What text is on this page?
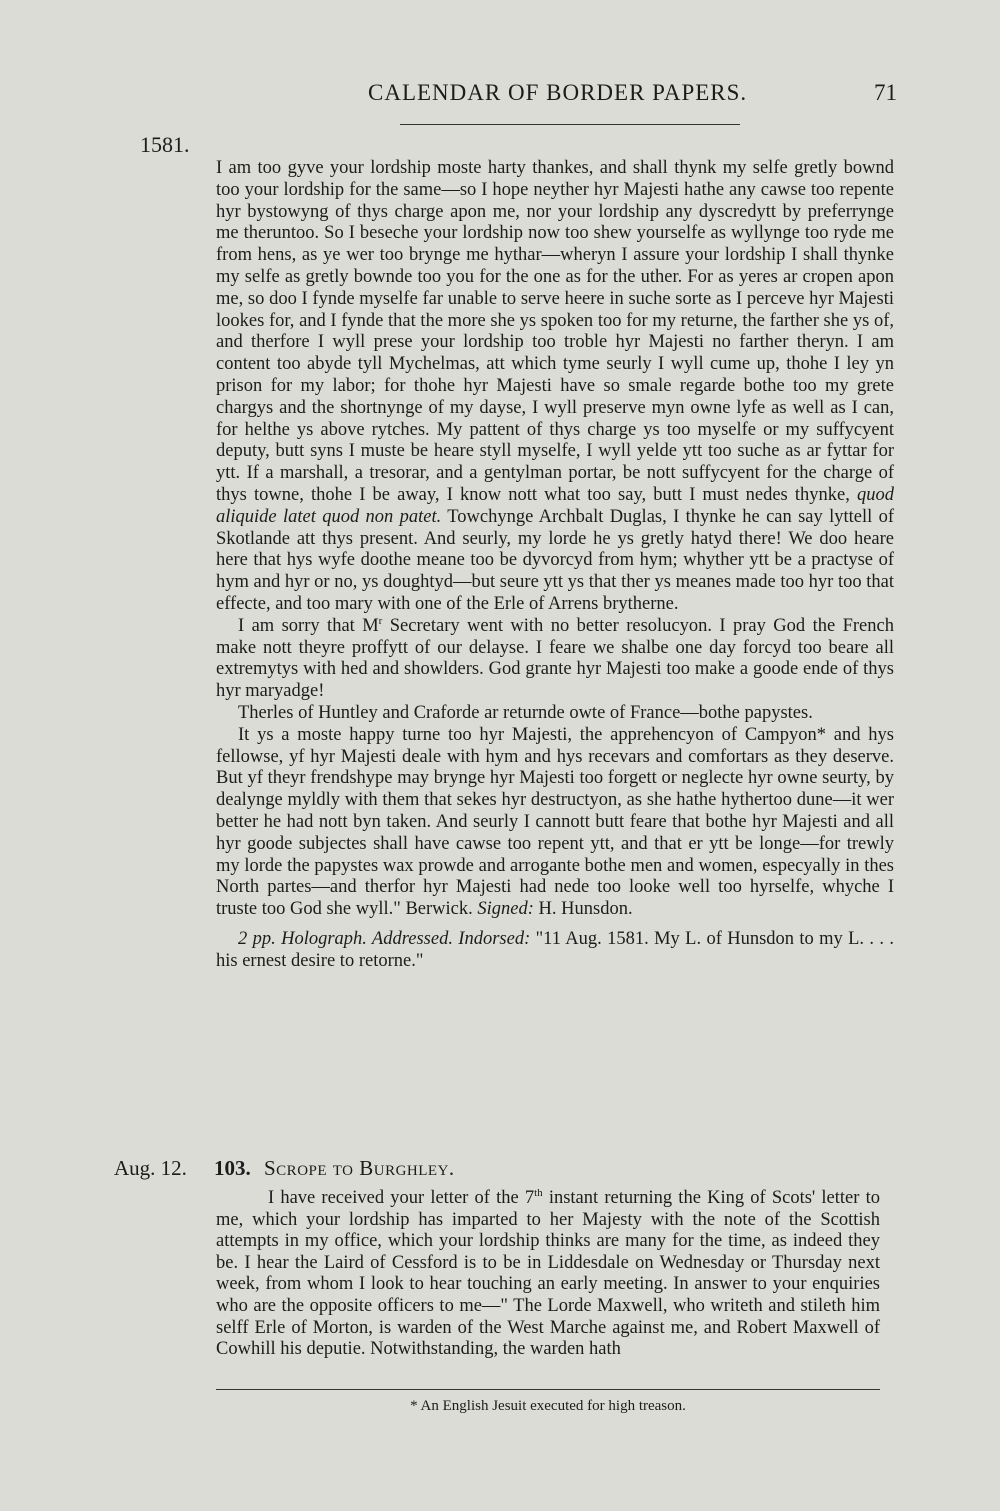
CALENDAR OF BORDER PAPERS.	71
1581.

I am too gyve your lordship moste harty thankes, and shall thynk my selfe gretly bownd too your lordship for the same—so I hope neyther hyr Majesti hathe any cawse too repente hyr bystowyng of thys charge apon me, nor your lordship any dyscredytt by preferrynge me theruntoo. So I beseche your lordship now too shew yourselfe as wyllynge too ryde me from hens, as ye wer too brynge me hythar—wheryn I assure your lordship I shall thynke my selfe as gretly bownde too you for the one as for the uther. For as yeres ar cropen apon me, so doo I fynde myselfe far unable to serve heere in suche sorte as I perceve hyr Majesti lookes for, and I fynde that the more she ys spoken too for my returne, the farther she ys of, and therfore I wyll prese your lordship too troble hyr Majesti no farther theryn. I am content too abyde tyll Mychelmas, att which tyme seurly I wyll cume up, thohe I ley yn prison for my labor; for thohe hyr Majesti have so smale regarde bothe too my grete chargys and the shortnynge of my dayse, I wyll preserve myn owne lyfe as well as I can, for helthe ys above rytches. My pattent of thys charge ys too myselfe or my suffycyent deputy, butt syns I muste be heare styll myselfe, I wyll yelde ytt too suche as ar fyttar for ytt. If a marshall, a tresorar, and a gentylman portar, be nott suffycyent for the charge of thys towne, thohe I be away, I know nott what too say, butt I must nedes thynke, quod aliquide latet quod non patet. Towchynge Archbalt Duglas, I thynke he can say lyttell of Skotlande att thys present. And seurly, my lorde he ys gretly hatyd there! We doo heare here that hys wyfe doothe meane too be dyvorcyd from hym; whyther ytt be a practyse of hym and hyr or no, ys doughtyd—but seure ytt ys that ther ys meanes made too hyr too that effecte, and too mary with one of the Erle of Arrens brytherne.

I am sorry that $M^r$ Secretary went with no better resolucyon. I pray God the French make nott theyre proffytt of our delayse. I feare we shalbe one day forcyd too beare all extremytys with hed and showlders. God grante hyr Majesti too make a goode ende of thys hyr maryadge!

Therles of Huntley and Craforde ar returnde owte of France—bothe papystes.

It ys a moste happy turne too hyr Majesti, the apprehencyon of Campyon* and hys fellowse, yf hyr Majesti deale with hym and hys recevars and comfortars as they deserve. But yf theyr frendshype may brynge hyr Majesti too forgett or neglecte hyr owne seurty, by dealynge myldly with them that sekes hyr destructyon, as she hathe hythertoo dune—it wer better he had nott byn taken. And seurly I cannott butt feare that bothe hyr Majesti and all hyr goode subjectes shall have cawse too repent ytt, and that er ytt be longe—for trewly my lorde the papystes wax prowde and arrogante bothe men and women, especyally in thes North partes—and therfor hyr Majesti had nede too looke well too hyrselfe, whyche I truste too God she wyll." Berwick. Signed: H. Hunsdon.

2 pp. Holograph. Addressed. Indorsed: "11 Aug. 1581. My L. of Hunsdon to my L. . . . his ernest desire to retorne."

Aug. 12. 103. Scrope to Burghley.

I have received your letter of the 7th instant returning the King of Scots' letter to me, which your lordship has imparted to her Majesty with the note of the Scottish attempts in my office, which your lordship thinks are many for the time, as indeed they be. I hear the Laird of Cessford is to be in Liddesdale on Wednesday or Thursday next week, from whom I look to hear touching an early meeting. In answer to your enquiries who are the opposite officers to me—" The Lorde Maxwell, who writeth and stileth him selff Erle of Morton, is warden of the West Marche against me, and Robert Maxwell of Cowhill his deputie. Notwithstanding, the warden hath

* An English Jesuit executed for high treason.
